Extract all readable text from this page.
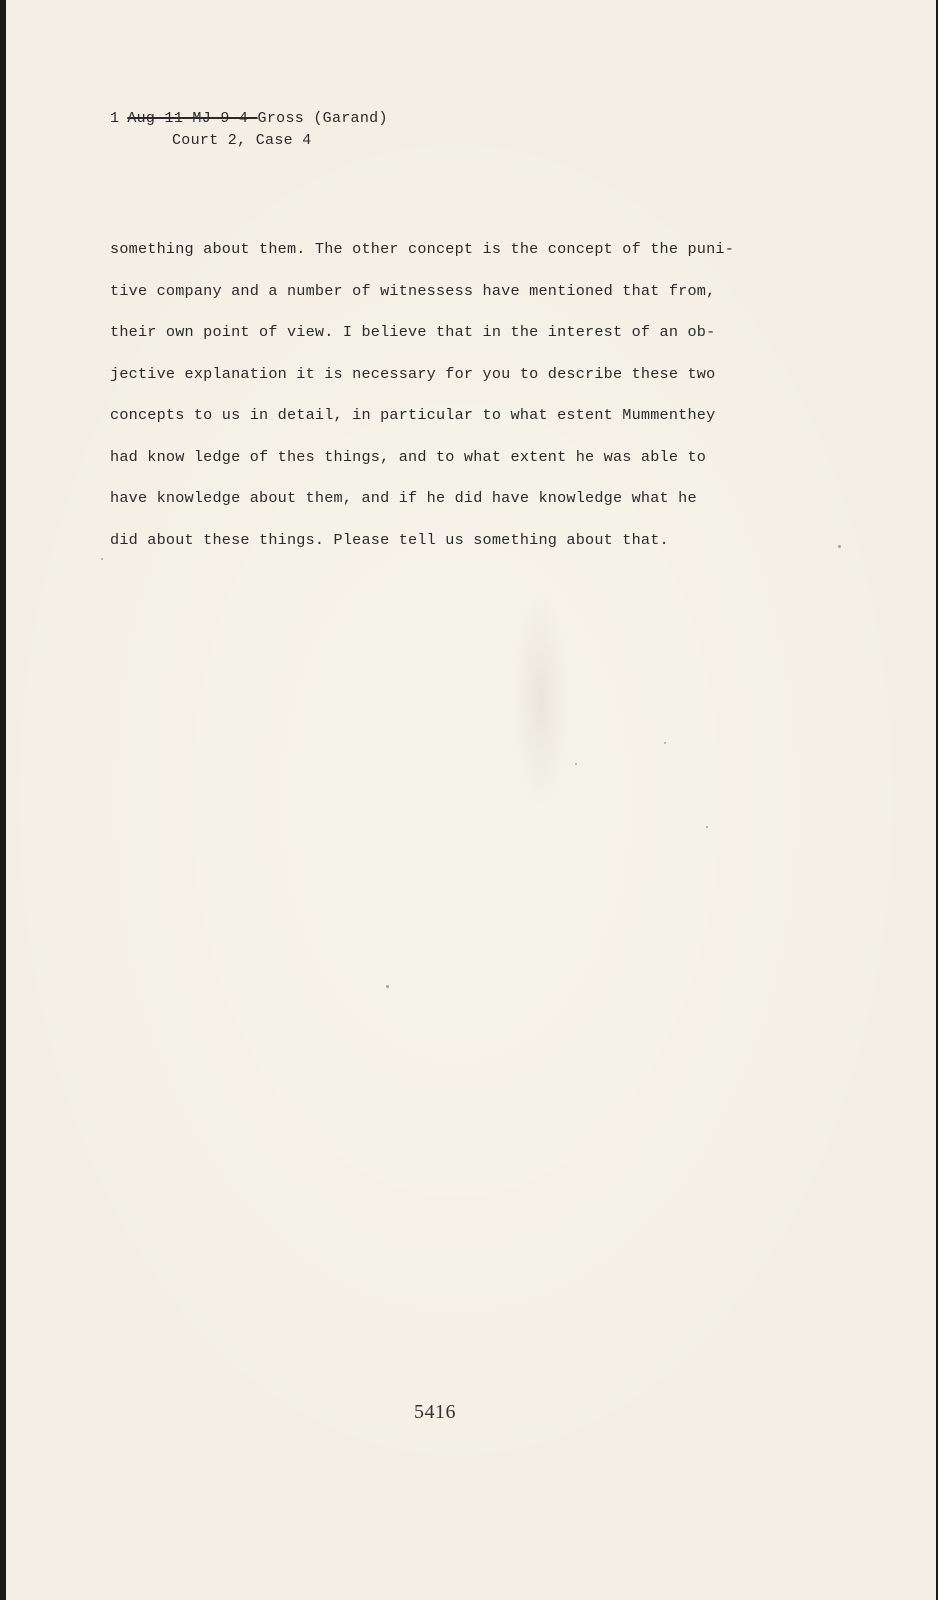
1 Aug-11-MJ-9-4-Gross (Garand)
Court 2, Case 4
something about them. The other concept is the concept of the puni-
tive company and a number of witnessess have mentioned that from,
their own point of view. I believe that in the interest of an ob-
jective explanation it is necessary for you to describe these two
concepts to us in detail, in particular to what estent Mummenthey
had know ledge of thes things, and to what extent he was able to
have knowledge about them, and if he did have knowledge what he
did about these things. Please tell us something about that.
5416
